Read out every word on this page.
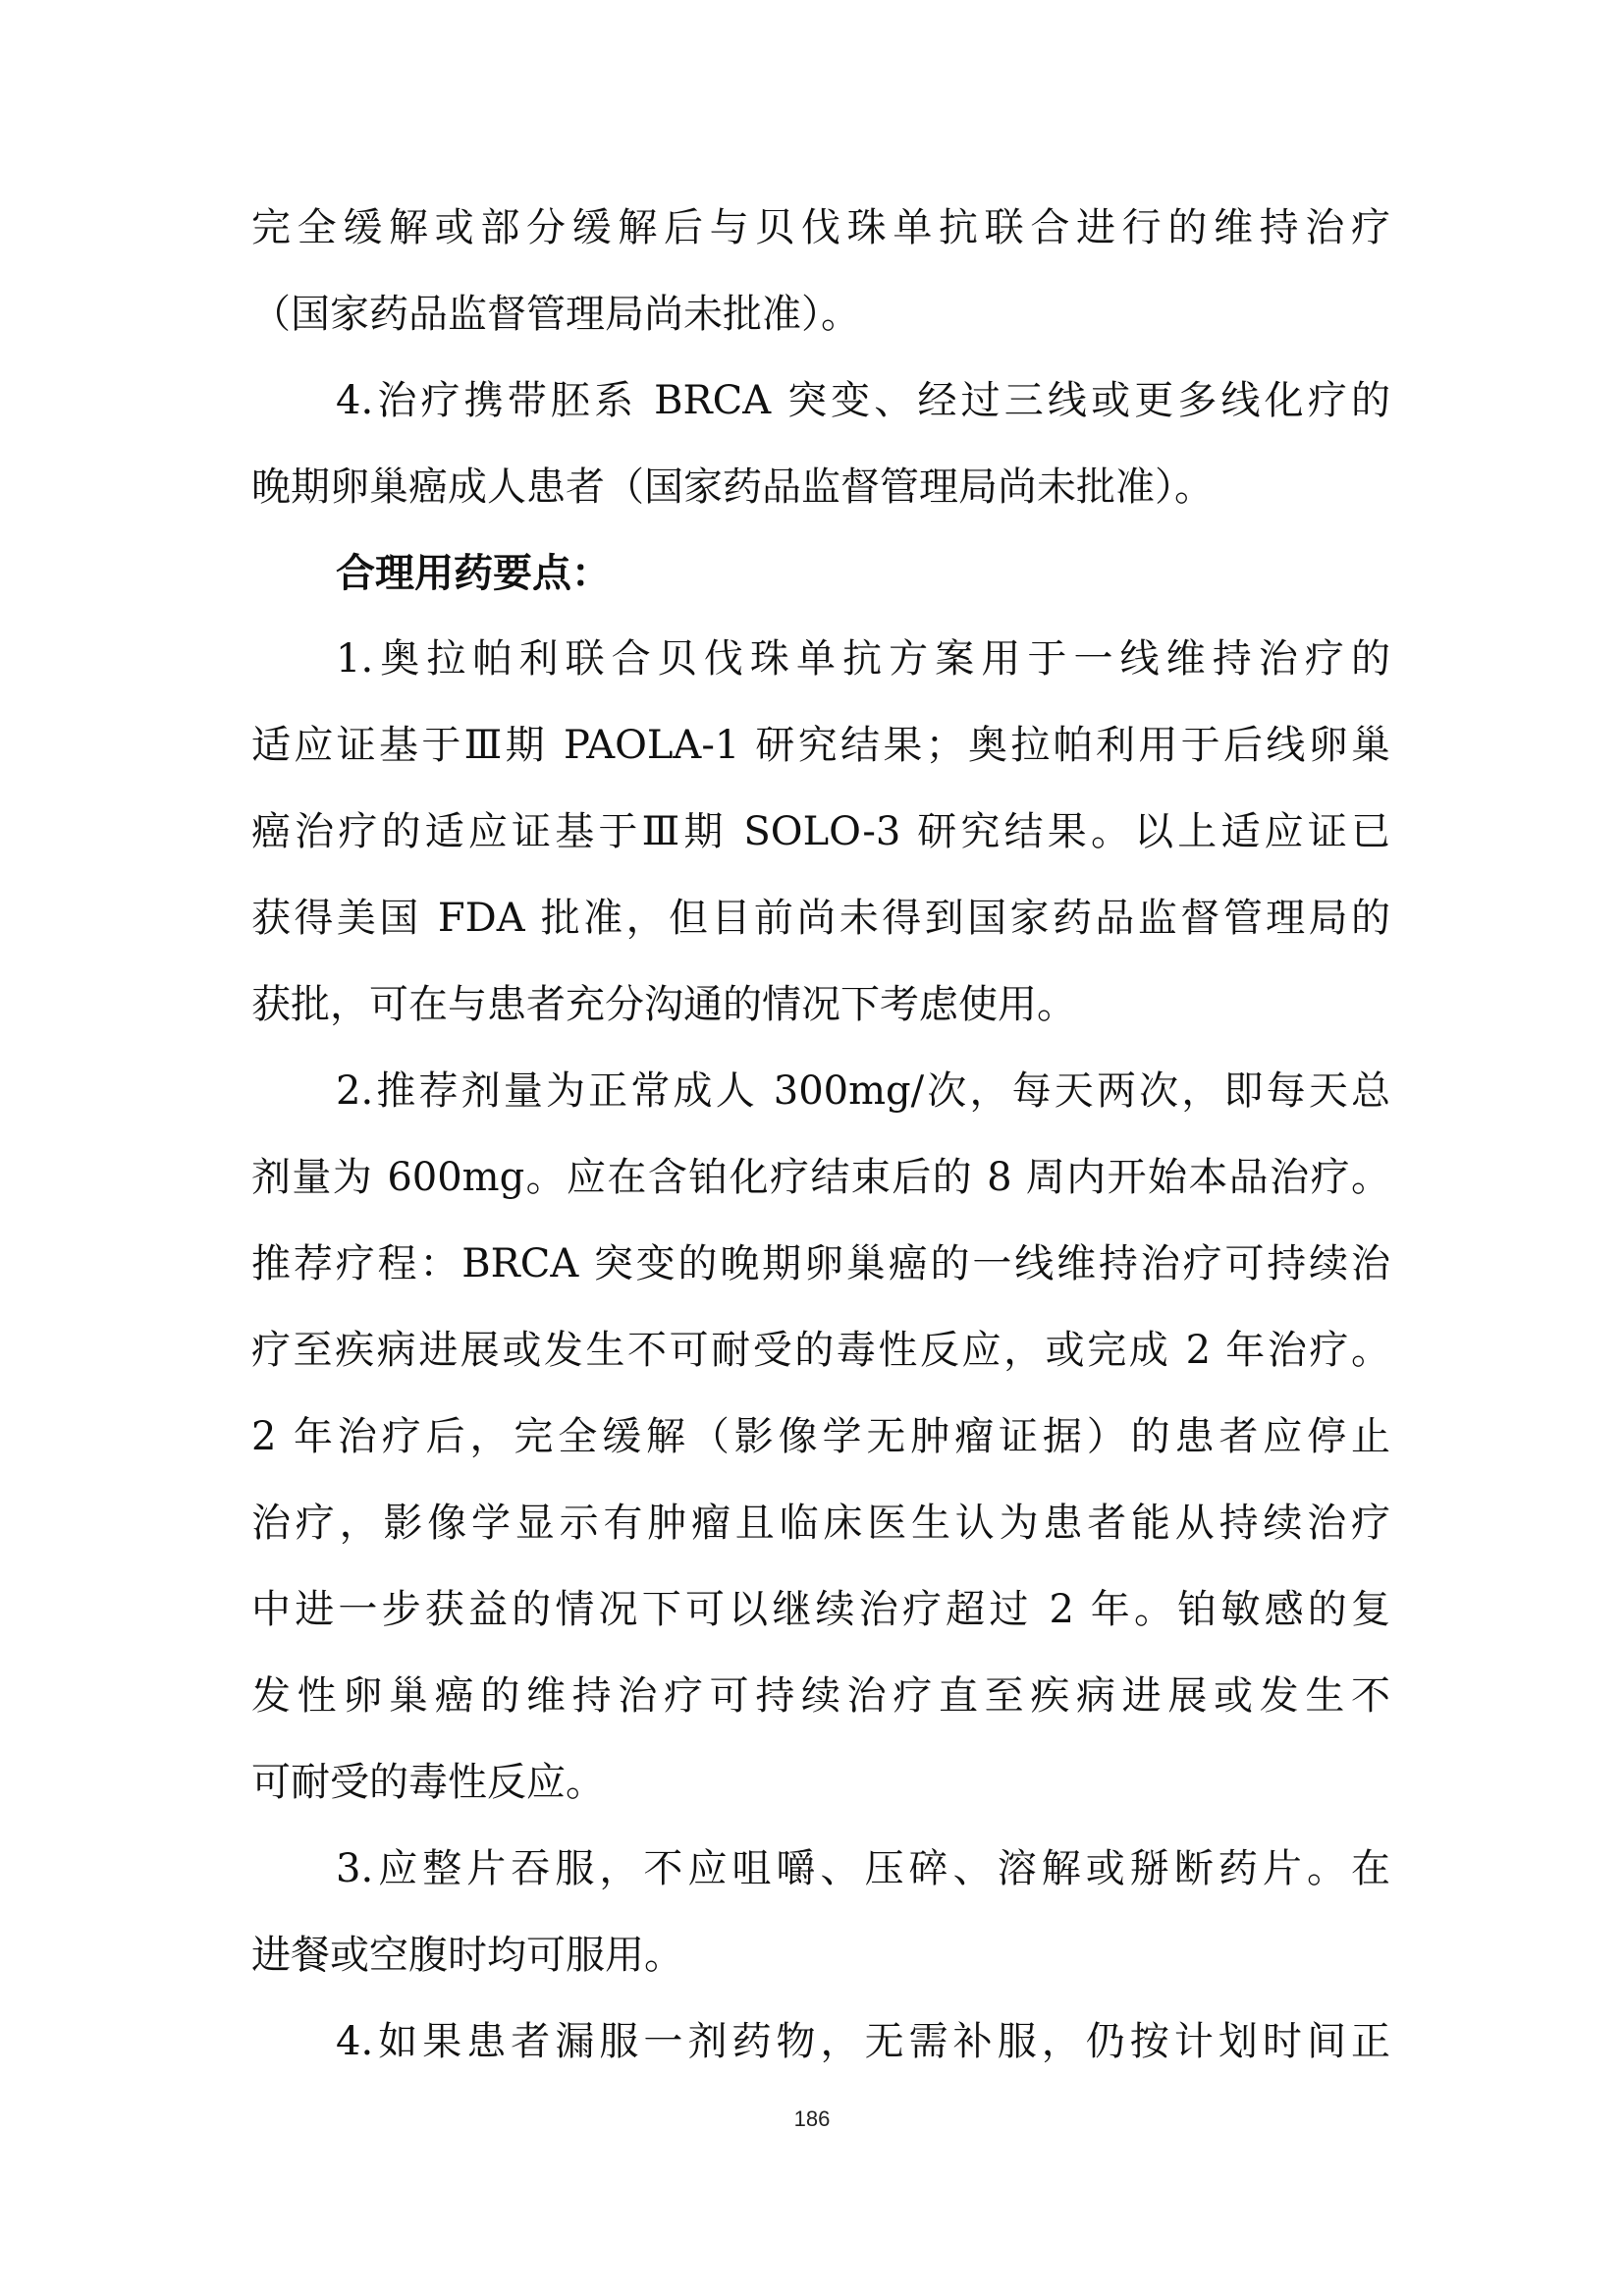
完全缓解或部分缓解后与贝伐珠单抗联合进行的维持治疗
（国家药品监督管理局尚未批准）。
4.治疗携带胚系 BRCA 突变、经过三线或更多线化疗的
晚期卵巢癌成人患者（国家药品监督管理局尚未批准）。
合理用药要点：
1.奥拉帕利联合贝伐珠单抗方案用于一线维持治疗的
适应证基于Ⅲ期 PAOLA-1 研究结果；奥拉帕利用于后线卵巢
癌治疗的适应证基于Ⅲ期 SOLO-3 研究结果。以上适应证已
获得美国 FDA 批准，但目前尚未得到国家药品监督管理局的
获批，可在与患者充分沟通的情况下考虑使用。
2.推荐剂量为正常成人 300mg/次，每天两次，即每天总
剂量为 600mg。应在含铂化疗结束后的 8 周内开始本品治疗。
推荐疗程：BRCA 突变的晚期卵巢癌的一线维持治疗可持续治
疗至疾病进展或发生不可耐受的毒性反应，或完成 2 年治疗。
2 年治疗后，完全缓解（影像学无肿瘤证据）的患者应停止
治疗，影像学显示有肿瘤且临床医生认为患者能从持续治疗
中进一步获益的情况下可以继续治疗超过 2 年。铂敏感的复
发性卵巢癌的维持治疗可持续治疗直至疾病进展或发生不
可耐受的毒性反应。
3.应整片吞服，不应咀嚼、压碎、溶解或掰断药片。在
进餐或空腹时均可服用。
4.如果患者漏服一剂药物，无需补服，仍按计划时间正
186
